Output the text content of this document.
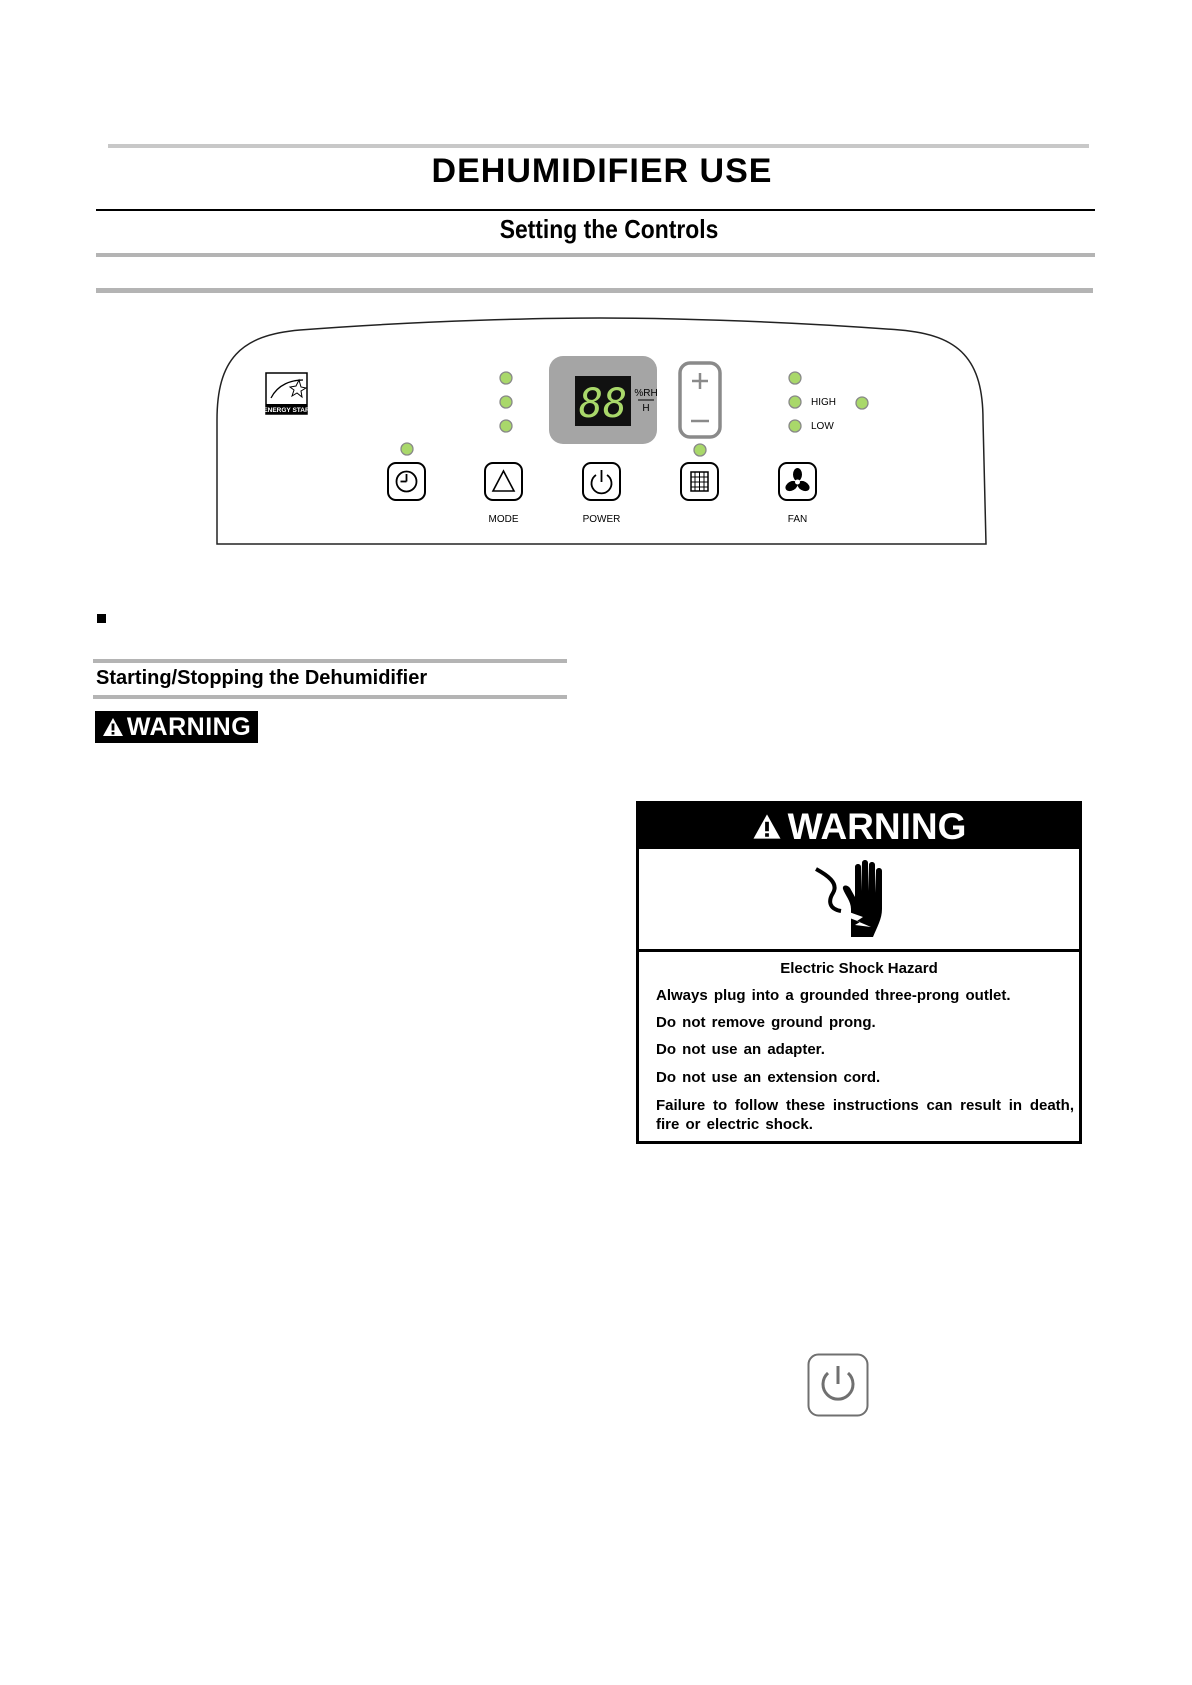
DEHUMIDIFIER USE
Setting the Controls
ENERGY STAR	88 %RH
H
HIGH
LOW
MODE	POWER	FAN
Starting/Stopping the Dehumidifier
WARNING
WARNING
Electric Shock Hazard
Always plug into a grounded three-prong outlet.
Do not remove ground prong.
Do not use an adapter.
Do not use an extension cord.
Failure to follow these instructions can result in death, fire or electric shock.
